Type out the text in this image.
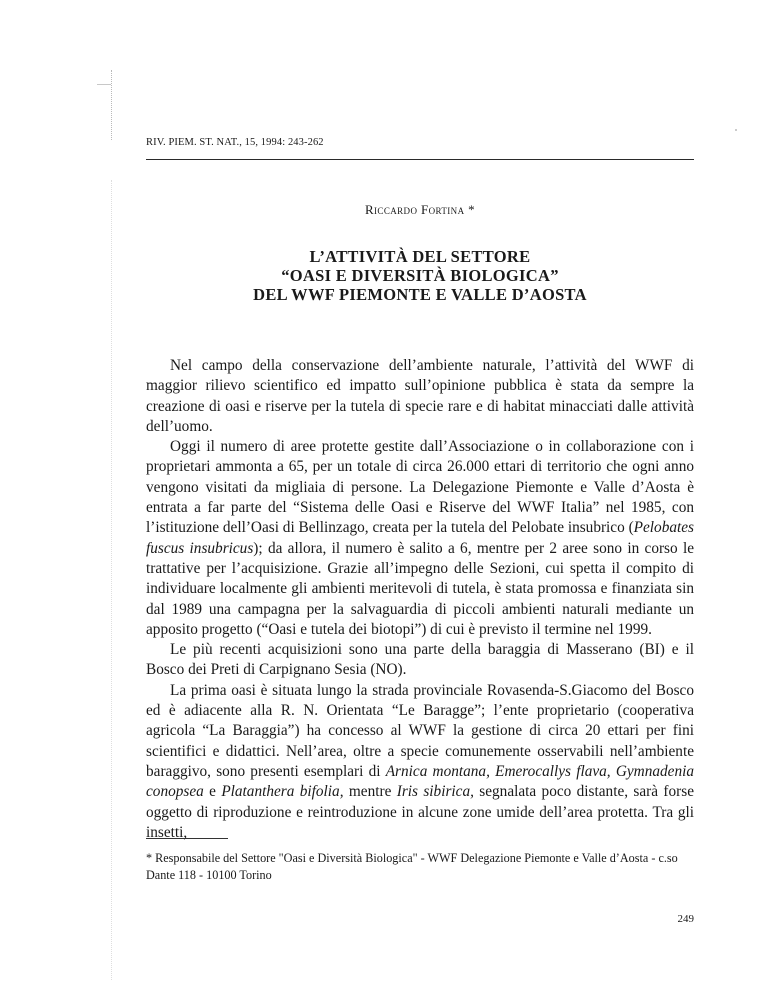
RIV. PIEM. ST. NAT., 15, 1994: 243-262
Riccardo Fortina *
L’ATTIVITÀ DEL SETTORE
“OASI E DIVERSITÀ BIOLOGICA”
DEL WWF PIEMONTE E VALLE D’AOSTA

Nel campo della conservazione dell’ambiente naturale, l’attività del WWF di maggior rilievo scientifico ed impatto sull’opinione pubblica è stata da sempre la creazione di oasi e riserve per la tutela di specie rare e di habitat minacciati dalle attività dell’uomo.

Oggi il numero di aree protette gestite dall’Associazione o in collaborazione con i proprietari ammonta a 65, per un totale di circa 26.000 ettari di territorio che ogni anno vengono visitati da migliaia di persone. La Delegazione Piemonte e Valle d’Aosta è entrata a far parte del “Sistema delle Oasi e Riserve del WWF Italia” nel 1985, con l’istituzione dell’Oasi di Bellinzago, creata per la tutela del Pelobate insubrico (Pelobates fuscus insubricus); da allora, il numero è salito a 6, mentre per 2 aree sono in corso le trattative per l’acquisizione. Grazie all’impegno delle Sezioni, cui spetta il compito di individuare localmente gli ambienti meritevoli di tutela, è stata promossa e finanziata sin dal 1989 una campagna per la salvaguardia di piccoli ambienti naturali mediante un apposito progetto (“Oasi e tutela dei biotopi”) di cui è previsto il termine nel 1999.

Le più recenti acquisizioni sono una parte della baraggia di Masserano (BI) e il Bosco dei Preti di Carpignano Sesia (NO).

La prima oasi è situata lungo la strada provinciale Rovasenda-S.Giacomo del Bosco ed è adiacente alla R. N. Orientata “Le Baragge”; l’ente proprietario (cooperativa agricola “La Baraggia”) ha concesso al WWF la gestione di circa 20 ettari per fini scientifici e didattici. Nell’area, oltre a specie comunemente osservabili nell’ambiente baraggivo, sono presenti esemplari di Arnica montana, Emerocallys flava, Gymnadenia conopsea e Platanthera bifolia, mentre Iris sibirica, segnalata poco distante, sarà forse oggetto di riproduzione e reintroduzione in alcune zone umide dell’area protetta. Tra gli insetti,

* Responsabile del Settore "Oasi e Diversità Biologica" - WWF Delegazione Piemonte e Valle d’Aosta - c.so Dante 118 - 10100 Torino
249
